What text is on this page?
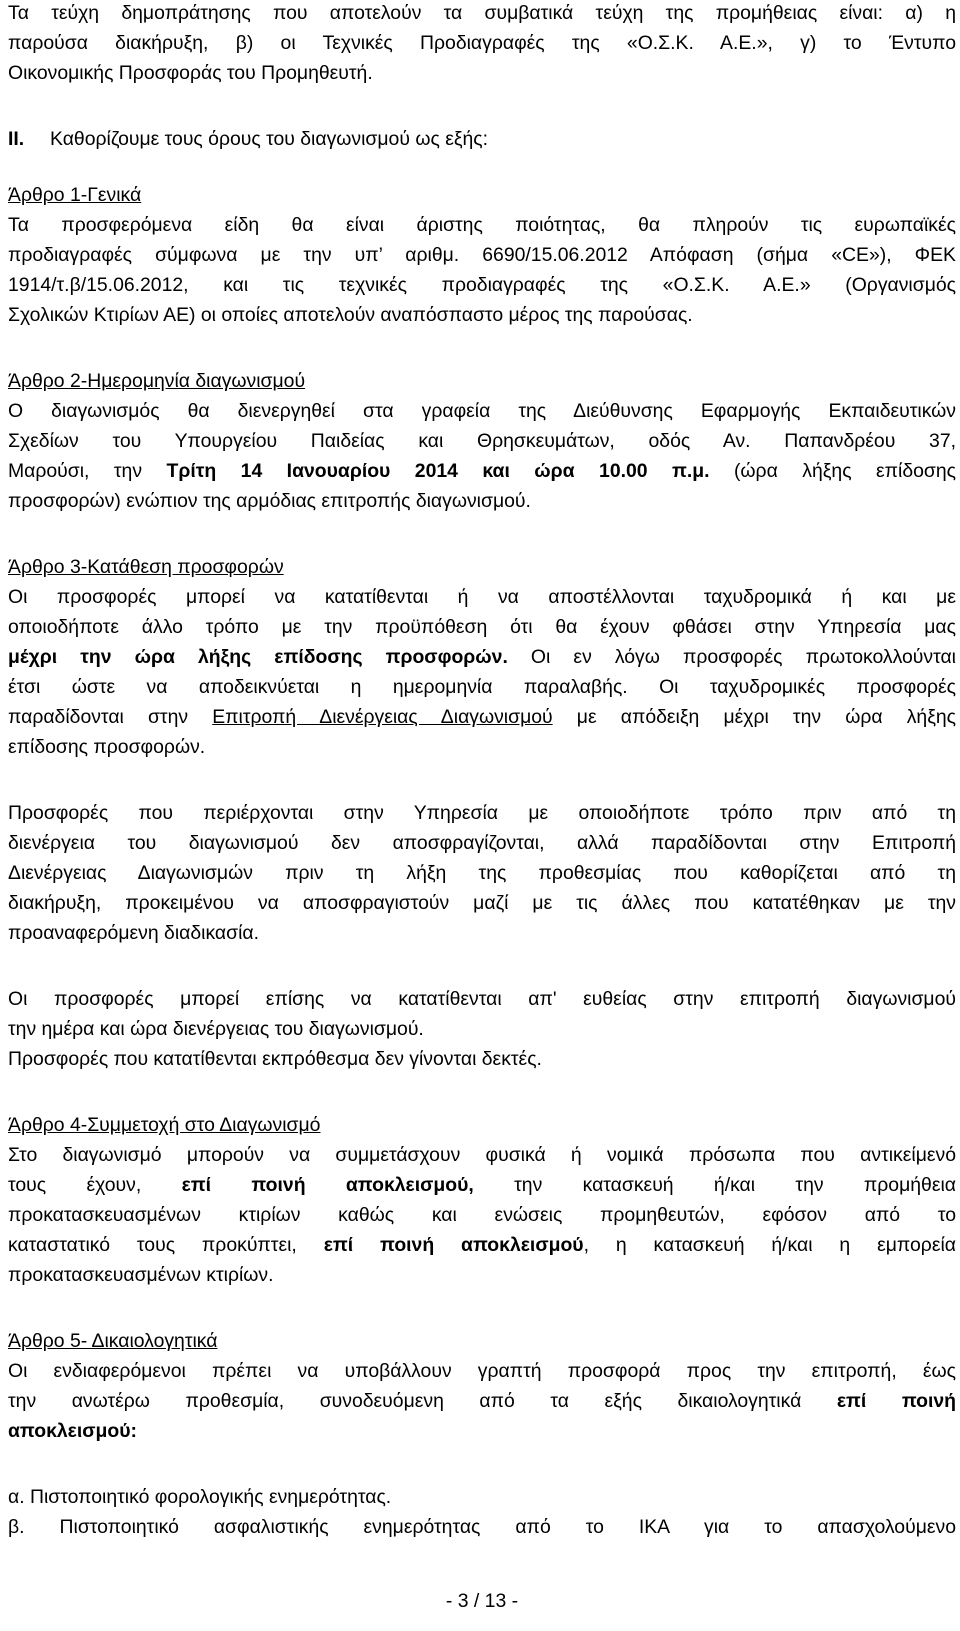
Τα τεύχη δημοπράτησης που αποτελούν τα συμβατικά τεύχη της προμήθειας είναι: α) η

παρούσα διακήρυξη, β) οι Τεχνικές Προδιαγραφές της «Ο.Σ.Κ. Α.Ε.», γ) το Έντυπο

Οικονομικής Προσφοράς του Προμηθευτή.

ΙΙ. Καθορίζουμε τους όρους του διαγωνισμού ως εξής:

Άρθρο 1-Γενικά

Τα προσφερόμενα είδη θα είναι άριστης ποιότητας, θα πληρούν τις ευρωπαϊκές

προδιαγραφές σύμφωνα με την υπ’ αριθμ. 6690/15.06.2012 Απόφαση (σήμα «CE»), ΦΕΚ

1914/τ.β/15.06.2012, και τις τεχνικές προδιαγραφές της «Ο.Σ.Κ. Α.Ε.» (Οργανισμός

Σχολικών Κτιρίων ΑΕ) οι οποίες αποτελούν αναπόσπαστο μέρος της παρούσας.

Άρθρο 2-Ημερομηνία διαγωνισμού

Ο διαγωνισμός θα διενεργηθεί στα γραφεία της Διεύθυνσης Εφαρμογής Εκπαιδευτικών

Σχεδίων του Υπουργείου Παιδείας και Θρησκευμάτων, οδός Αν. Παπανδρέου 37,

Μαρούσι, την Τρίτη 14 Ιανουαρίου 2014 και ώρα 10.00 π.μ. (ώρα λήξης επίδοσης

προσφορών) ενώπιον της αρμόδιας επιτροπής διαγωνισμού.

Άρθρο 3-Κατάθεση προσφορών

Οι προσφορές μπορεί να κατατίθενται ή να αποστέλλονται ταχυδρομικά ή και με

οποιοδήποτε άλλο τρόπο με την προϋπόθεση ότι θα έχουν φθάσει στην Υπηρεσία μας

μέχρι την ώρα λήξης επίδοσης προσφορών. Οι εν λόγω προσφορές πρωτοκολλούνται

έτσι ώστε να αποδεικνύεται η ημερομηνία παραλαβής. Οι ταχυδρομικές προσφορές

παραδίδονται στην Επιτροπή Διενέργειας Διαγωνισμού με απόδειξη μέχρι την ώρα λήξης

επίδοσης προσφορών.

Προσφορές που περιέρχονται στην Υπηρεσία με οποιοδήποτε τρόπο πριν από τη

διενέργεια του διαγωνισμού δεν αποσφραγίζονται, αλλά παραδίδονται στην Επιτροπή

Διενέργειας Διαγωνισμών πριν τη λήξη της προθεσμίας που καθορίζεται από τη

διακήρυξη, προκειμένου να αποσφραγιστούν μαζί με τις άλλες που κατατέθηκαν με την

προαναφερόμενη διαδικασία.

Οι προσφορές μπορεί επίσης να κατατίθενται απ' ευθείας στην επιτροπή διαγωνισμού

την ημέρα και ώρα διενέργειας του διαγωνισμού.

Προσφορές που κατατίθενται εκπρόθεσμα δεν γίνονται δεκτές.

Άρθρο 4-Συμμετοχή στο Διαγωνισμό

Στο διαγωνισμό μπορούν να συμμετάσχουν φυσικά ή νομικά πρόσωπα που αντικείμενό

τους έχουν, επί ποινή αποκλεισμού, την κατασκευή ή/και την προμήθεια

προκατασκευασμένων κτιρίων καθώς και ενώσεις προμηθευτών, εφόσον από το

καταστατικό τους προκύπτει, επί ποινή αποκλεισμού, η κατασκευή ή/και η εμπορεία

προκατασκευασμένων κτιρίων.

Άρθρο 5- Δικαιολογητικά

Οι ενδιαφερόμενοι πρέπει να υποβάλλουν γραπτή προσφορά προς την επιτροπή, έως

την ανωτέρω προθεσμία, συνοδευόμενη από τα εξής δικαιολογητικά επί ποινή

αποκλεισμού:

α. Πιστοποιητικό φορολογικής ενημερότητας.

β. Πιστοποιητικό ασφαλιστικής ενημερότητας από το ΙΚΑ για το απασχολούμενο

- 3 / 13 -
